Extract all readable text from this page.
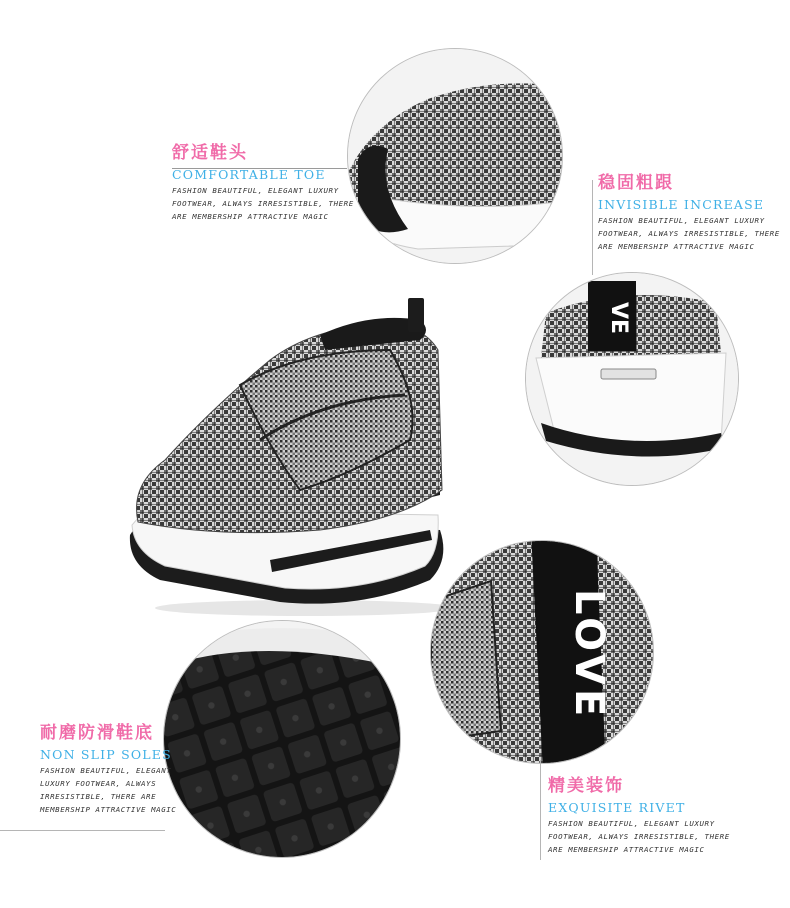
VE
LOVE
舒适鞋头
COMFORTABLE TOE
FASHION BEAUTIFUL, ELEGANT LUXURY
FOOTWEAR, ALWAYS IRRESISTIBLE, THERE
ARE MEMBERSHIP ATTRACTIVE MAGIC
稳固粗跟
INVISIBLE INCREASE
FASHION BEAUTIFUL, ELEGANT LUXURY
FOOTWEAR, ALWAYS IRRESISTIBLE, THERE
ARE MEMBERSHIP ATTRACTIVE MAGIC
耐磨防滑鞋底
NON SLIP SOLES
FASHION BEAUTIFUL, ELEGANT
LUXURY FOOTWEAR, ALWAYS
IRRESISTIBLE, THERE ARE
MEMBERSHIP ATTRACTIVE MAGIC
精美装饰
EXQUISITE RIVET
FASHION BEAUTIFUL, ELEGANT LUXURY
FOOTWEAR, ALWAYS IRRESISTIBLE, THERE
ARE MEMBERSHIP ATTRACTIVE MAGIC
